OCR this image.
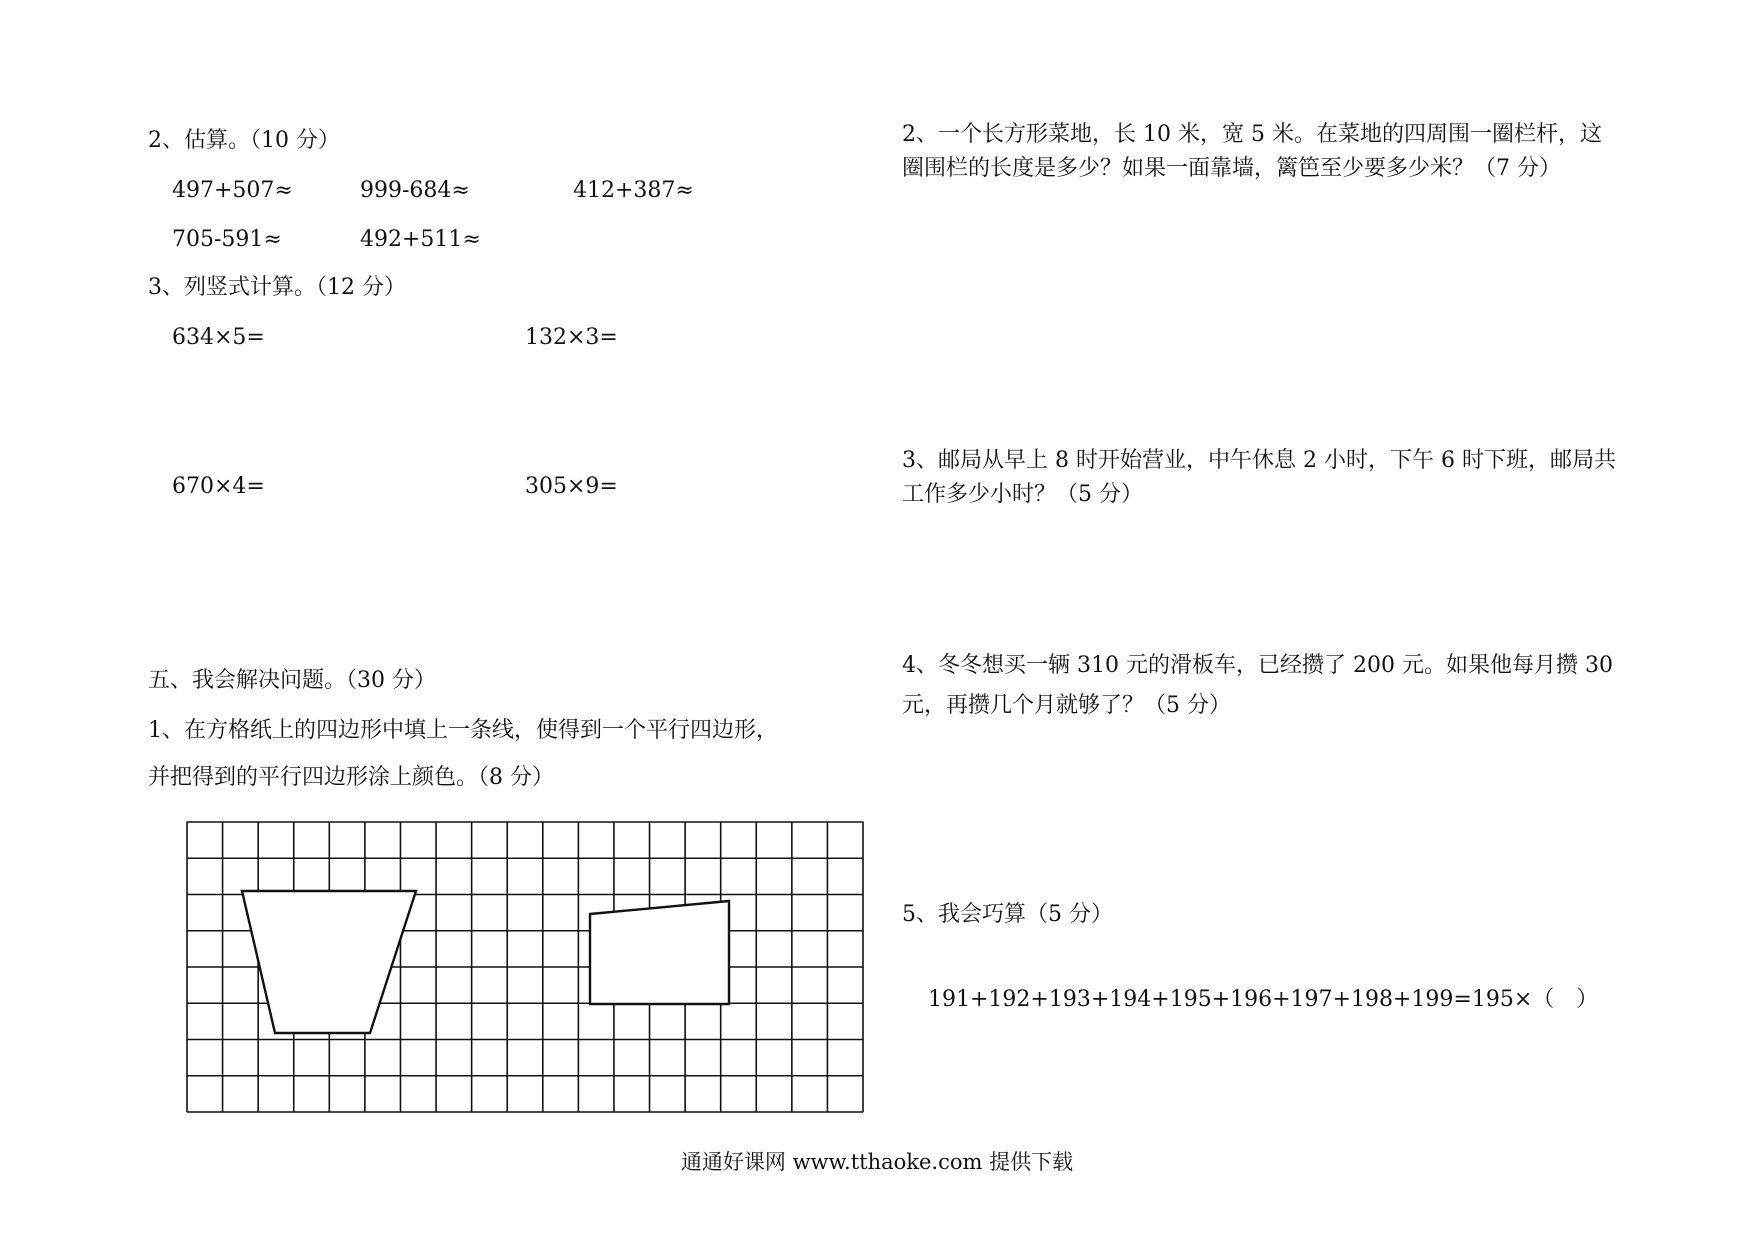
2、估算。（10 分）
497+507≈	999-684≈	412+387≈
705-591≈	492+511≈
3、列竖式计算。（12 分）
634×5=	132×3=
670×4=	305×9=
五、我会解决问题。（30 分）
1、在方格纸上的四边形中填上一条线，使得到一个平行四边形，
并把得到的平行四边形涂上颜色。（8 分）
2、一个长方形菜地，长 10 米，宽 5 米。在菜地的四周围一圈栏杆，这圈围栏的长度是多少？如果一面靠墙，篱笆至少要多少米？（7 分）
3、邮局从早上 8 时开始营业，中午休息 2 小时，下午 6 时下班，邮局共工作多少小时？（5 分）
4、冬冬想买一辆 310 元的滑板车，已经攒了 200 元。如果他每月攒 30 元，再攒几个月就够了？（5 分）
5、我会巧算（5 分）
191+192+193+194+195+196+197+198+199=195×（　）
通通好课网 www.tthaoke.com 提供下载
